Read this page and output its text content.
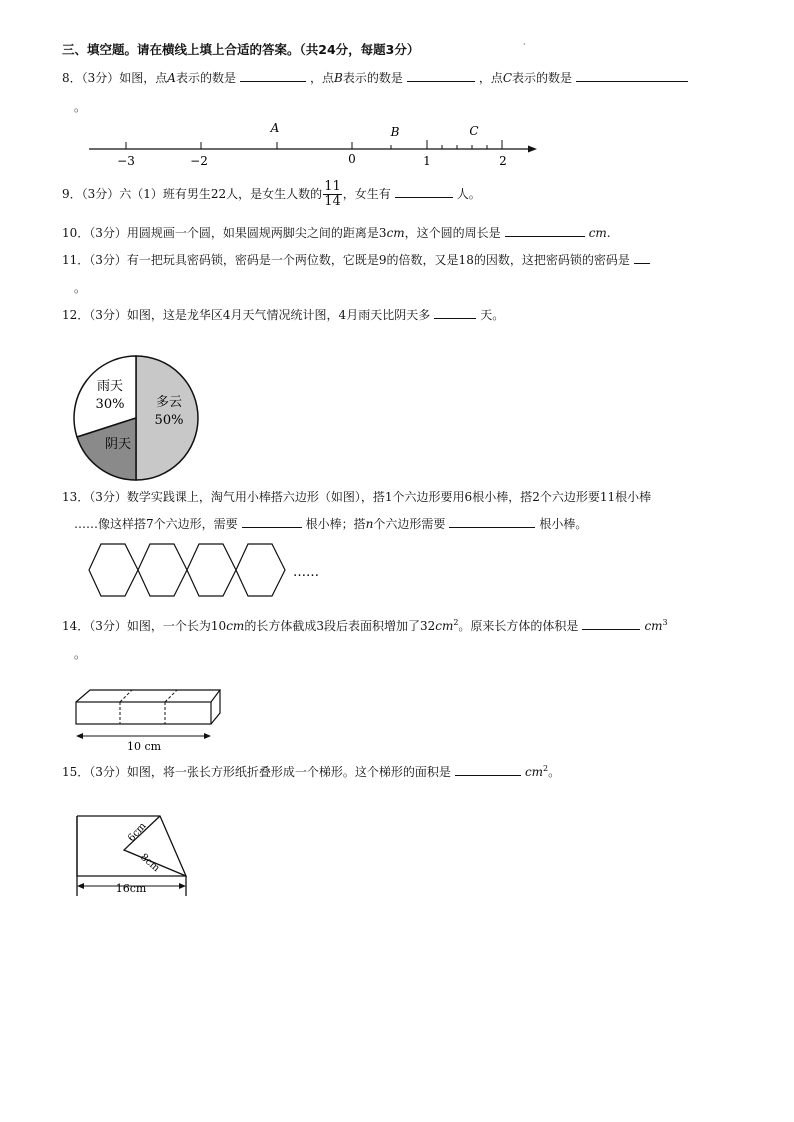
三、填空题。请在横线上填上合适的答案。（共24分，每题3分）	·
8．（3分）如图，点A表示的数是	，点B表示的数是	，点C表示的数是
。
A	B	C
−3	−2	0	1	2
9．（3分）六（1）班有男生22人，是女生人数的 $\frac{11}{14}$ ，女生有	人。
10．（3分）用圆规画一个圆，如果圆规两脚尖之间的距离是3cm，这个圆的周长是	cm.
11．（3分）有一把玩具密码锁，密码是一个两位数，它既是9的倍数，又是18的因数，这把密码锁的密码是
。
12．（3分）如图，这是龙华区4月天气情况统计图，4月雨天比阴天多	天。
雨天
30% 多云
50%
阴天
13．（3分）数学实践课上，淘气用小棒搭六边形（如图），搭1个六边形要用6根小棒，搭2个六边形要11根小棒
……像这样搭7个六边形，需要	根小棒；搭n个六边形需要	根小棒。
……
14．（3分）如图，一个长为10cm的长方体截成3段后表面积增加了$32cm^2$。原来长方体的体积是	$cm^3$
。
10 cm
15．（3分）如图，将一张长方形纸折叠形成一个梯形。这个梯形的面积是	$cm^2$。
6cm
8cm
16cm
